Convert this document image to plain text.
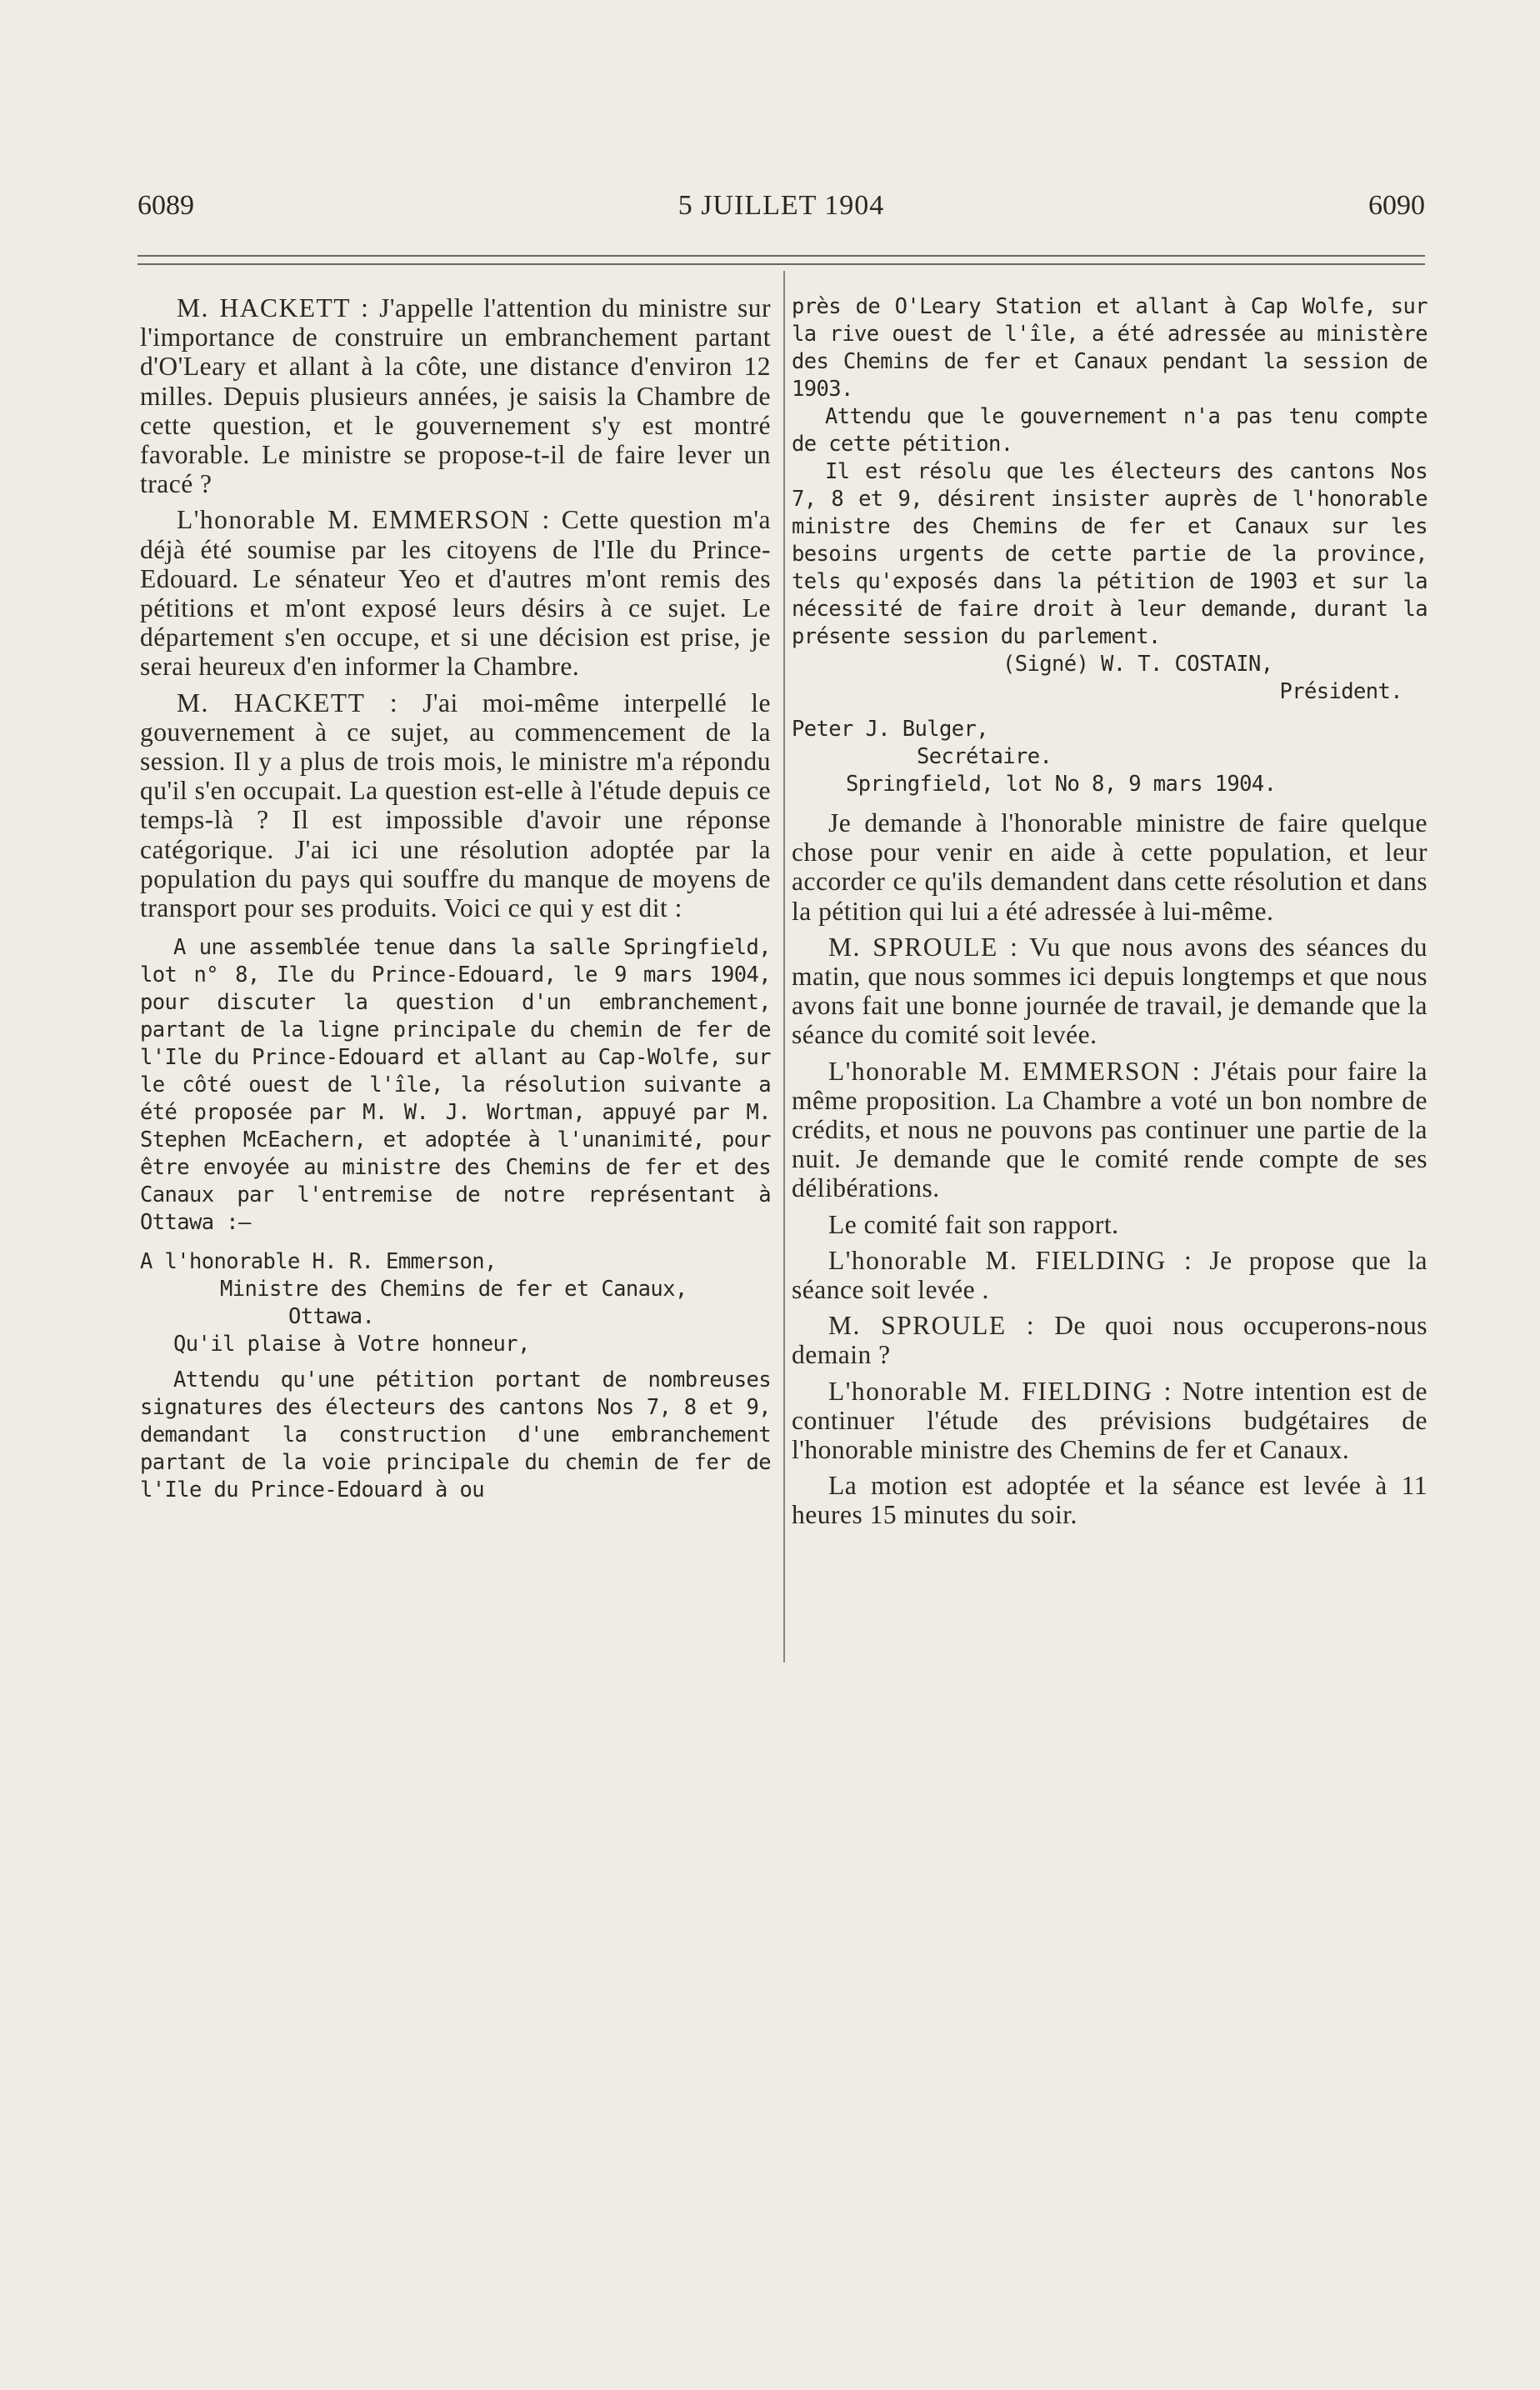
6089	5 JUILLET 1904	6090

M. HACKETT : J'appelle l'attention du ministre sur l'importance de construire un embranchement partant d'O'Leary et allant à la côte, une distance d'environ 12 milles. Depuis plusieurs années, je saisis la Chambre de cette question, et le gouvernement s'y est montré favorable. Le ministre se propose-t-il de faire lever un tracé ?

L'honorable M. EMMERSON : Cette question m'a déjà été soumise par les citoyens de l'Ile du Prince-Edouard. Le sénateur Yeo et d'autres m'ont remis des pétitions et m'ont exposé leurs désirs à ce sujet. Le département s'en occupe, et si une décision est prise, je serai heureux d'en informer la Chambre.

M. HACKETT : J'ai moi-même interpellé le gouvernement à ce sujet, au commencement de la session. Il y a plus de trois mois, le ministre m'a répondu qu'il s'en occupait. La question est-elle à l'étude depuis ce temps-là ? Il est impossible d'avoir une réponse catégorique. J'ai ici une résolution adoptée par la population du pays qui souffre du manque de moyens de transport pour ses produits. Voici ce qui y est dit :

A une assemblée tenue dans la salle Springfield, lot n° 8, Ile du Prince-Edouard, le 9 mars 1904, pour discuter la question d'un embranchement, partant de la ligne principale du chemin de fer de l'Ile du Prince-Edouard et allant au Cap-Wolfe, sur le côté ouest de l'île, la résolution suivante a été proposée par M. W. J. Wortman, appuyé par M. Stephen McEachern, et adoptée à l'unanimité, pour être envoyée au ministre des Chemins de fer et des Canaux par l'entremise de notre représentant à Ottawa :—

A l'honorable H. R. Emmerson,

Ministre des Chemins de fer et Canaux,

Ottawa.

Qu'il plaise à Votre honneur,

Attendu qu'une pétition portant de nombreuses signatures des électeurs des cantons Nos 7, 8 et 9, demandant la construction d'une embranchement partant de la voie principale du chemin de fer de l'Ile du Prince-Edouard à ou

près de O'Leary Station et allant à Cap Wolfe, sur la rive ouest de l'île, a été adressée au ministère des Chemins de fer et Canaux pendant la session de 1903.

Attendu que le gouvernement n'a pas tenu compte de cette pétition.

Il est résolu que les électeurs des cantons Nos 7, 8 et 9, désirent insister auprès de l'honorable ministre des Chemins de fer et Canaux sur les besoins urgents de cette partie de la province, tels qu'exposés dans la pétition de 1903 et sur la nécessité de faire droit à leur demande, durant la présente session du parlement.

(Signé) W. T. COSTAIN,

Président.

Peter J. Bulger,

Secrétaire.

Springfield, lot No 8, 9 mars 1904.

Je demande à l'honorable ministre de faire quelque chose pour venir en aide à cette population, et leur accorder ce qu'ils demandent dans cette résolution et dans la pétition qui lui a été adressée à lui-même.

M. SPROULE : Vu que nous avons des séances du matin, que nous sommes ici depuis longtemps et que nous avons fait une bonne journée de travail, je demande que la séance du comité soit levée.

L'honorable M. EMMERSON : J'étais pour faire la même proposition. La Chambre a voté un bon nombre de crédits, et nous ne pouvons pas continuer une partie de la nuit. Je demande que le comité rende compte de ses délibérations.

Le comité fait son rapport.

L'honorable M. FIELDING : Je propose que la séance soit levée .

M. SPROULE : De quoi nous occuperons-nous demain ?

L'honorable M. FIELDING : Notre intention est de continuer l'étude des prévisions budgétaires de l'honorable ministre des Chemins de fer et Canaux.

La motion est adoptée et la séance est levée à 11 heures 15 minutes du soir.
